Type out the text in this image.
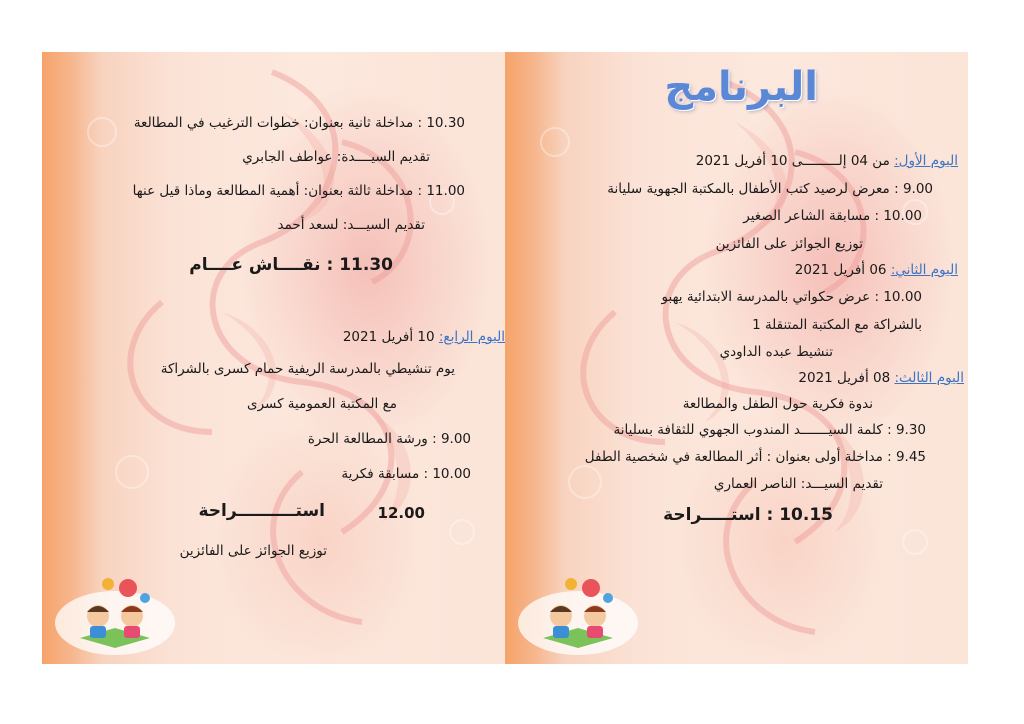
10.30 : مداخلة ثانية بعنوان: خطوات الترغيب في المطالعة
تقديم السيــــدة: عواطف الجابري
11.00 : مداخلة ثالثة بعنوان: أهمية المطالعة وماذا قيل عنها
تقديم السيـــد: لسعد أحمد
11.30 : نقــــاش عــــام
اليوم الرابع: 10 أفريل 2021
يوم تنشيطي بالمدرسة الريفية حمام كسرى بالشراكة
مع المكتبة العمومية كسرى
9.00 : ورشة المطالعة الحرة
10.00 : مسابقة فكرية
12.00
استــــــــــراحة
توزيع الجوائز على الفائزين
البرنامج
اليوم الأول: من 04 إلـــــــــى 10 أفريل 2021
9.00 : معرض لرصيد كتب الأطفال بالمكتبة الجهوية سليانة
10.00 : مسابقة الشاعر الصغير
توزيع الجوائز على الفائزين
اليوم الثاني: 06 أفريل 2021
10.00 : عرض حكواتي بالمدرسة الابتدائية يهبو
بالشراكة مع المكتبة المتنقلة 1
تنشيط عبده الداودي
اليوم الثالث: 08 أفريل 2021
ندوة فكرية حول الطفل والمطالعة
9.30 : كلمة السيـــــــد المندوب الجهوي للثقافة بسليانة
9.45 : مداخلة أولى بعنوان : أثر المطالعة في شخصية الطفل
تقديم السيـــد: الناصر العماري
10.15 : استـــــراحة
